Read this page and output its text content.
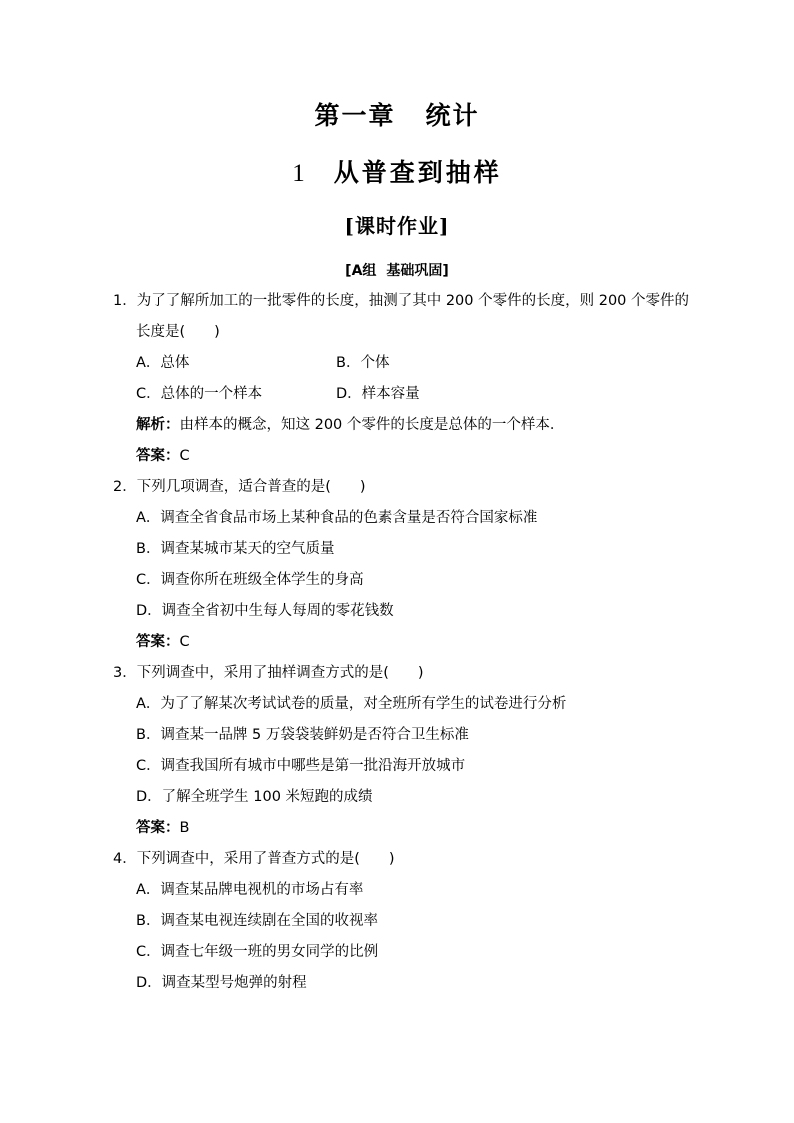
第一章 统计
1 从普查到抽样
[课时作业]
[A组 基础巩固]
1．为了了解所加工的一批零件的长度，抽测了其中 200 个零件的长度，则 200 个零件的长度是(　　)
A．总体	B．个体
C．总体的一个样本	D．样本容量
解析：由样本的概念，知这 200 个零件的长度是总体的一个样本．
答案：C
2．下列几项调查，适合普查的是(　　)
A．调查全省食品市场上某种食品的色素含量是否符合国家标准
B．调查某城市某天的空气质量
C．调查你所在班级全体学生的身高
D．调查全省初中生每人每周的零花钱数
答案：C
3．下列调查中，采用了抽样调查方式的是(　　)
A．为了了解某次考试试卷的质量，对全班所有学生的试卷进行分析
B．调查某一品牌 5 万袋袋装鲜奶是否符合卫生标准
C．调查我国所有城市中哪些是第一批沿海开放城市
D．了解全班学生 100 米短跑的成绩
答案：B
4．下列调查中，采用了普查方式的是(　　)
A．调查某品牌电视机的市场占有率
B．调查某电视连续剧在全国的收视率
C．调查七年级一班的男女同学的比例
D．调查某型号炮弹的射程
